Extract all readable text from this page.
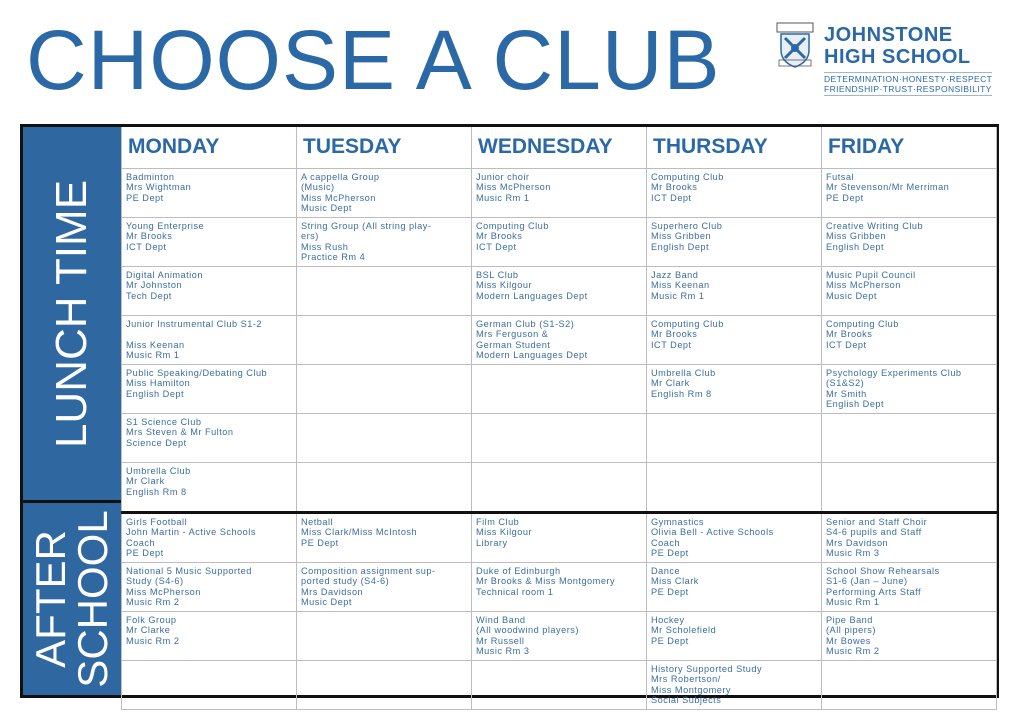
CHOOSE A CLUB	JOHNSTONE
HIGH SCHOOL
DETERMINATION·HONESTY·RESPECT
FRIENDSHIP·TRUST·RESPONSIBILITY
LUNCH TIME
AFTER SCHOOL
MONDAY	TUESDAY	WEDNESDAY	THURSDAY	FRIDAY

Badminton
Mrs Wightman
PE Dept	A cappella Group
(Music)
Miss McPherson
Music Dept	Junior choir
Miss McPherson
Music Rm 1	Computing Club
Mr Brooks
ICT Dept	Futsal
Mr Stevenson/Mr Merriman
PE Dept

Young Enterprise
Mr Brooks
ICT Dept	String Group (All string play-
ers)
Miss Rush
Practice Rm 4	Computing Club
Mr Brooks
ICT Dept	Superhero Club
Miss Gribben
English Dept	Creative Writing Club
Miss Gribben
English Dept

Digital Animation
Mr Johnston
Tech Dept		BSL Club
Miss Kilgour
Modern Languages Dept	Jazz Band
Miss Keenan
Music Rm 1	Music Pupil Council
Miss McPherson
Music Dept

Junior Instrumental Club S1-2

Miss Keenan
Music Rm 1		German Club (S1-S2)
Mrs Ferguson &
German Student
Modern Languages Dept	Computing Club
Mr Brooks
ICT Dept	Computing Club
Mr Brooks
ICT Dept

Public Speaking/Debating Club
Miss Hamilton
English Dept			Umbrella Club
Mr Clark
English Rm 8	Psychology Experiments Club
(S1&S2)
Mr Smith
English Dept

S1 Science Club
Mrs Steven & Mr Fulton
Science Dept				

Umbrella Club
Mr Clark
English Rm 8				

Girls Football
John Martin - Active Schools
Coach
PE Dept	Netball
Miss Clark/Miss McIntosh
PE Dept	Film Club
Miss Kilgour
Library	Gymnastics
Olivia Bell - Active Schools
Coach
PE Dept	Senior and Staff Choir
S4-6 pupils and Staff
Mrs Davidson
Music Rm 3

National 5 Music Supported
Study (S4-6)
Miss McPherson
Music Rm 2	Composition assignment sup-
ported study (S4-6)
Mrs Davidson
Music Dept	Duke of Edinburgh
Mr Brooks & Miss Montgomery
Technical room 1	Dance
Miss Clark
PE Dept	School Show Rehearsals
S1-6 (Jan – June)
Performing Arts Staff
Music Rm 1

Folk Group
Mr Clarke
Music Rm 2		Wind Band
(All woodwind players)
Mr Russell
Music Rm 3	Hockey
Mr Scholefield
PE Dept	Pipe Band
(All pipers)
Mr Bowes
Music Rm 2

			History Supported Study
Mrs Robertson/
Miss Montgomery
Social Subjects	
